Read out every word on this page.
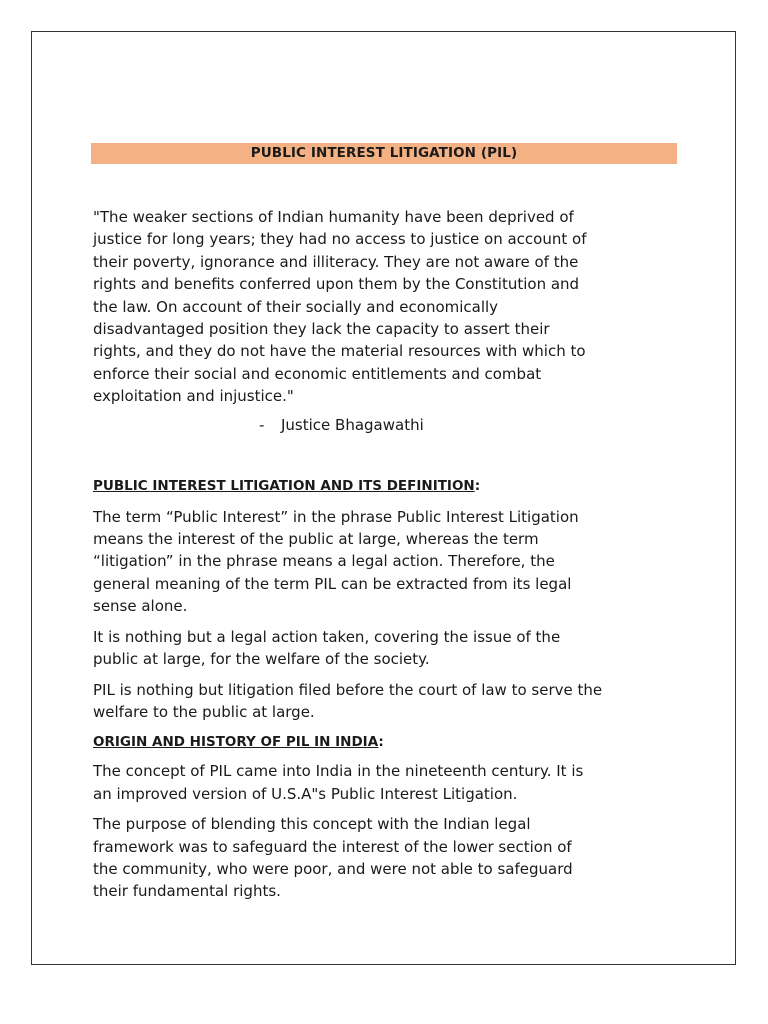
PUBLIC INTEREST LITIGATION (PIL)
"The weaker sections of Indian humanity have been deprived of
justice for long years; they had no access to justice on account of
their poverty, ignorance and illiteracy. They are not aware of the
rights and benefits conferred upon them by the Constitution and
the law. On account of their socially and economically
disadvantaged position they lack the capacity to assert their
rights, and they do not have the material resources with which to
enforce their social and economic entitlements and combat
exploitation and injustice."
- Justice Bhagawathi
PUBLIC INTEREST LITIGATION AND ITS DEFINITION:
The term “Public Interest” in the phrase Public Interest Litigation
means the interest of the public at large, whereas the term
“litigation” in the phrase means a legal action. Therefore, the
general meaning of the term PIL can be extracted from its legal
sense alone.
It is nothing but a legal action taken, covering the issue of the
public at large, for the welfare of the society.
PIL is nothing but litigation filed before the court of law to serve the
welfare to the public at large.
ORIGIN AND HISTORY OF PIL IN INDIA:
The concept of PIL came into India in the nineteenth century. It is
an improved version of U.S.A"s Public Interest Litigation.
The purpose of blending this concept with the Indian legal
framework was to safeguard the interest of the lower section of
the community, who were poor, and were not able to safeguard
their fundamental rights.
